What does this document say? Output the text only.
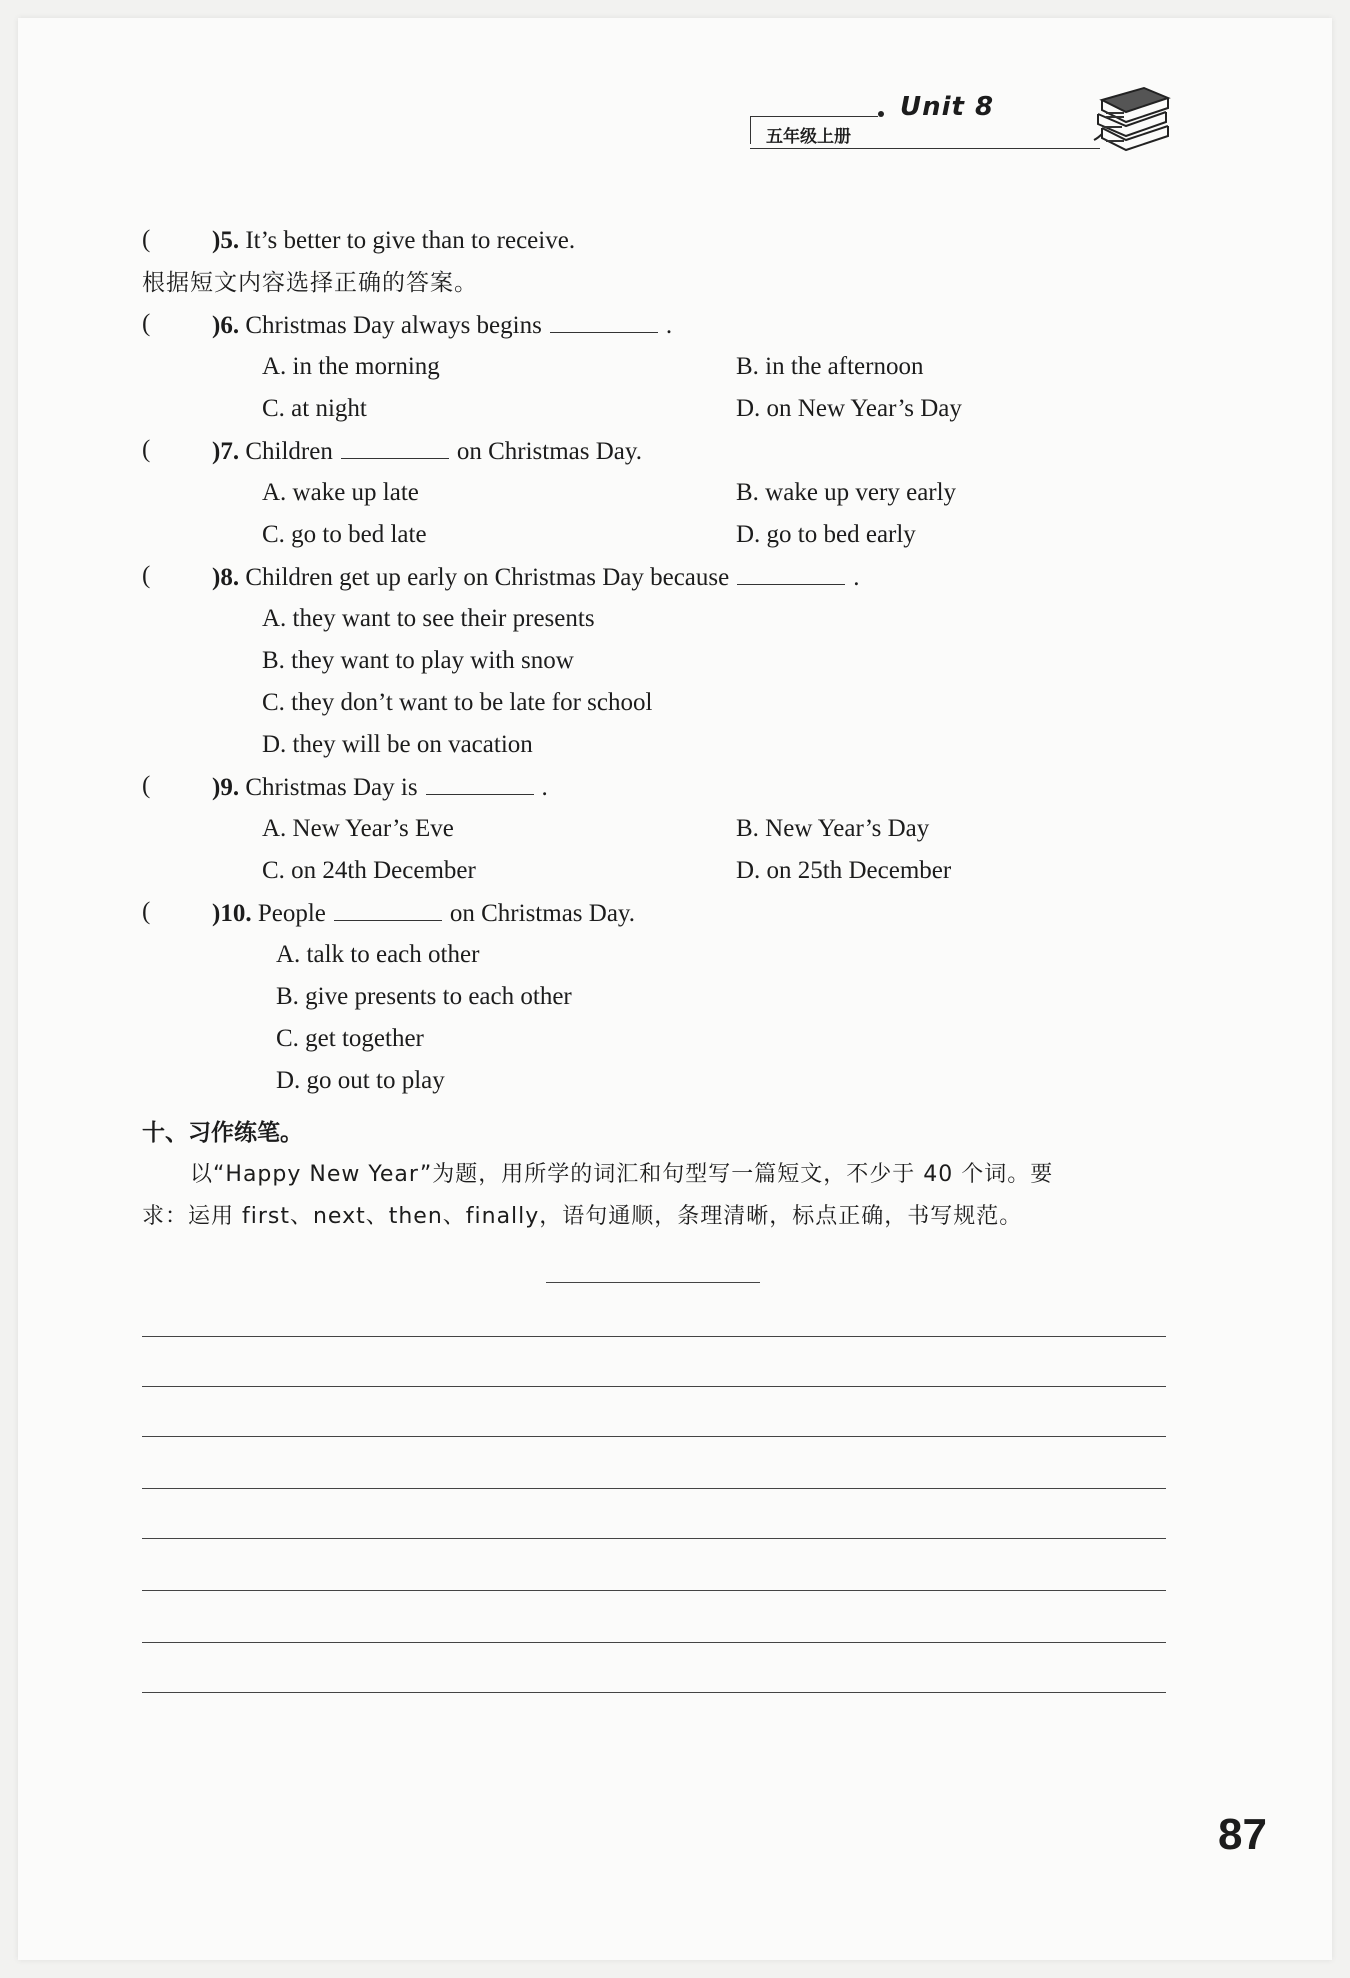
Unit 8
五年级上册
( )5. It’s better to give than to receive.
根据短文内容选择正确的答案。
( )6. Christmas Day always begins	.
A. in the morning	B. in the afternoon
C. at night	D. on New Year’s Day
( )7. Children	on Christmas Day.
A. wake up late	B. wake up very early
C. go to bed late	D. go to bed early
( )8. Children get up early on Christmas Day because	.
A. they want to see their presents
B. they want to play with snow
C. they don’t want to be late for school
D. they will be on vacation
( )9. Christmas Day is	.
A. New Year’s Eve	B. New Year’s Day
C. on 24th December	D. on 25th December
( )10. People	on Christmas Day.
A. talk to each other
B. give presents to each other
C. get together
D. go out to play
十、习作练笔。
以“Happy New Year”为题，用所学的词汇和句型写一篇短文，不少于 40 个词。要
求：运用 first、next、then、finally，语句通顺，条理清晰，标点正确，书写规范。
87
